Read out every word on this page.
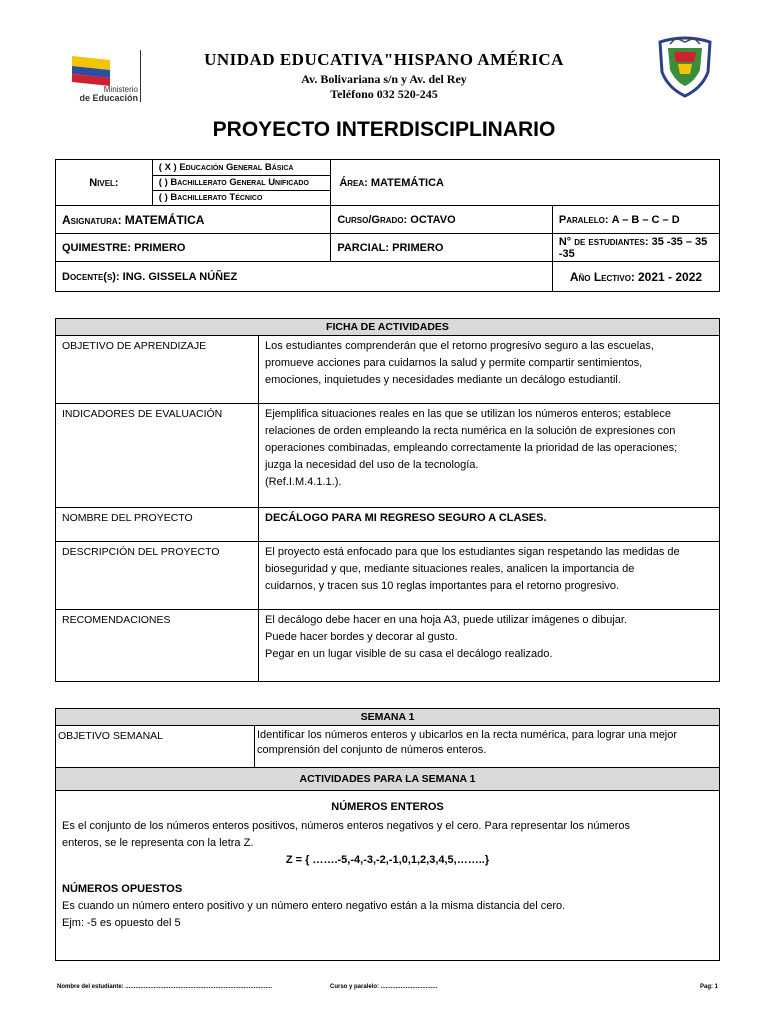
Ministerio
de Educación
UNIDAD EDUCATIVA"HISPANO AMÉRICA
Av. Bolivariana s/n y Av. del Rey
Teléfono 032 520-245
PROYECTO INTERDISCIPLINARIO
Nivel:	
( X ) Educación General Básica
( ) Bachillerato General Unificado
( ) Bachillerato Técnico
	Área: MATEMÁTICA
Asignatura: MATEMÁTICA	Curso/Grado: OCTAVO	Paralelo: A – B – C – D
QUIMESTRE: PRIMERO	PARCIAL: PRIMERO	N° de estudiantes: 35 -35 – 35 -35
Docente(s): ING. GISSELA NÚÑEZ	Año Lectivo: 2021 - 2022
FICHA DE ACTIVIDADES	
OBJETIVO DE APRENDIZAJE	Los estudiantes comprenderán que el retorno progresivo seguro a las escuelas,
promueve acciones para cuidarnos la salud y permite compartir sentimientos,
emociones, inquietudes y necesidades mediante un decálogo estudiantil.

INDICADORES DE EVALUACIÓN	Ejemplifica situaciones reales en las que se utilizan los números enteros; establece
relaciones de orden empleando la recta numérica en la solución de expresiones con
operaciones combinadas, empleando correctamente la prioridad de las operaciones;
juzga la necesidad del uso de la tecnología.
(Ref.I.M.4.1.1.).

NOMBRE DEL PROYECTO	DECÁLOGO PARA MI REGRESO SEGURO A CLASES.

DESCRIPCIÓN DEL PROYECTO	El proyecto está enfocado para que los estudiantes sigan respetando las medidas de
bioseguridad y que, mediante situaciones reales, analicen la importancia de
cuidarnos, y tracen sus 10 reglas importantes para el retorno progresivo.

RECOMENDACIONES	El decálogo debe hacer en una hoja A3, puede utilizar imágenes o dibujar.
Puede hacer bordes y decorar al gusto.
Pegar en un lugar visible de su casa el decálogo realizado.
SEMANA 1
OBJETIVO SEMANAL	Identificar los números enteros y ubicarlos en la recta numérica, para lograr una mejor
comprensión del conjunto de números enteros.

ACTIVIDADES PARA LA SEMANA 1

NÚMEROS ENTEROS
Es el conjunto de los números enteros positivos, números enteros negativos y el cero. Para representar los números
enteros, se le representa con la letra Z.
Z = { …….-5,-4,-3,-2,-1,0,1,2,3,4,5,……..}
NÚMEROS OPUESTOS
Es cuando un número entero positivo y un número entero negativo están a la misma distancia del cero.
Ejm: -5 es opuesto del 5
Nombre del estudiante: ........................................................................................	Curso y paralelo: ..................................	Pag: 1
